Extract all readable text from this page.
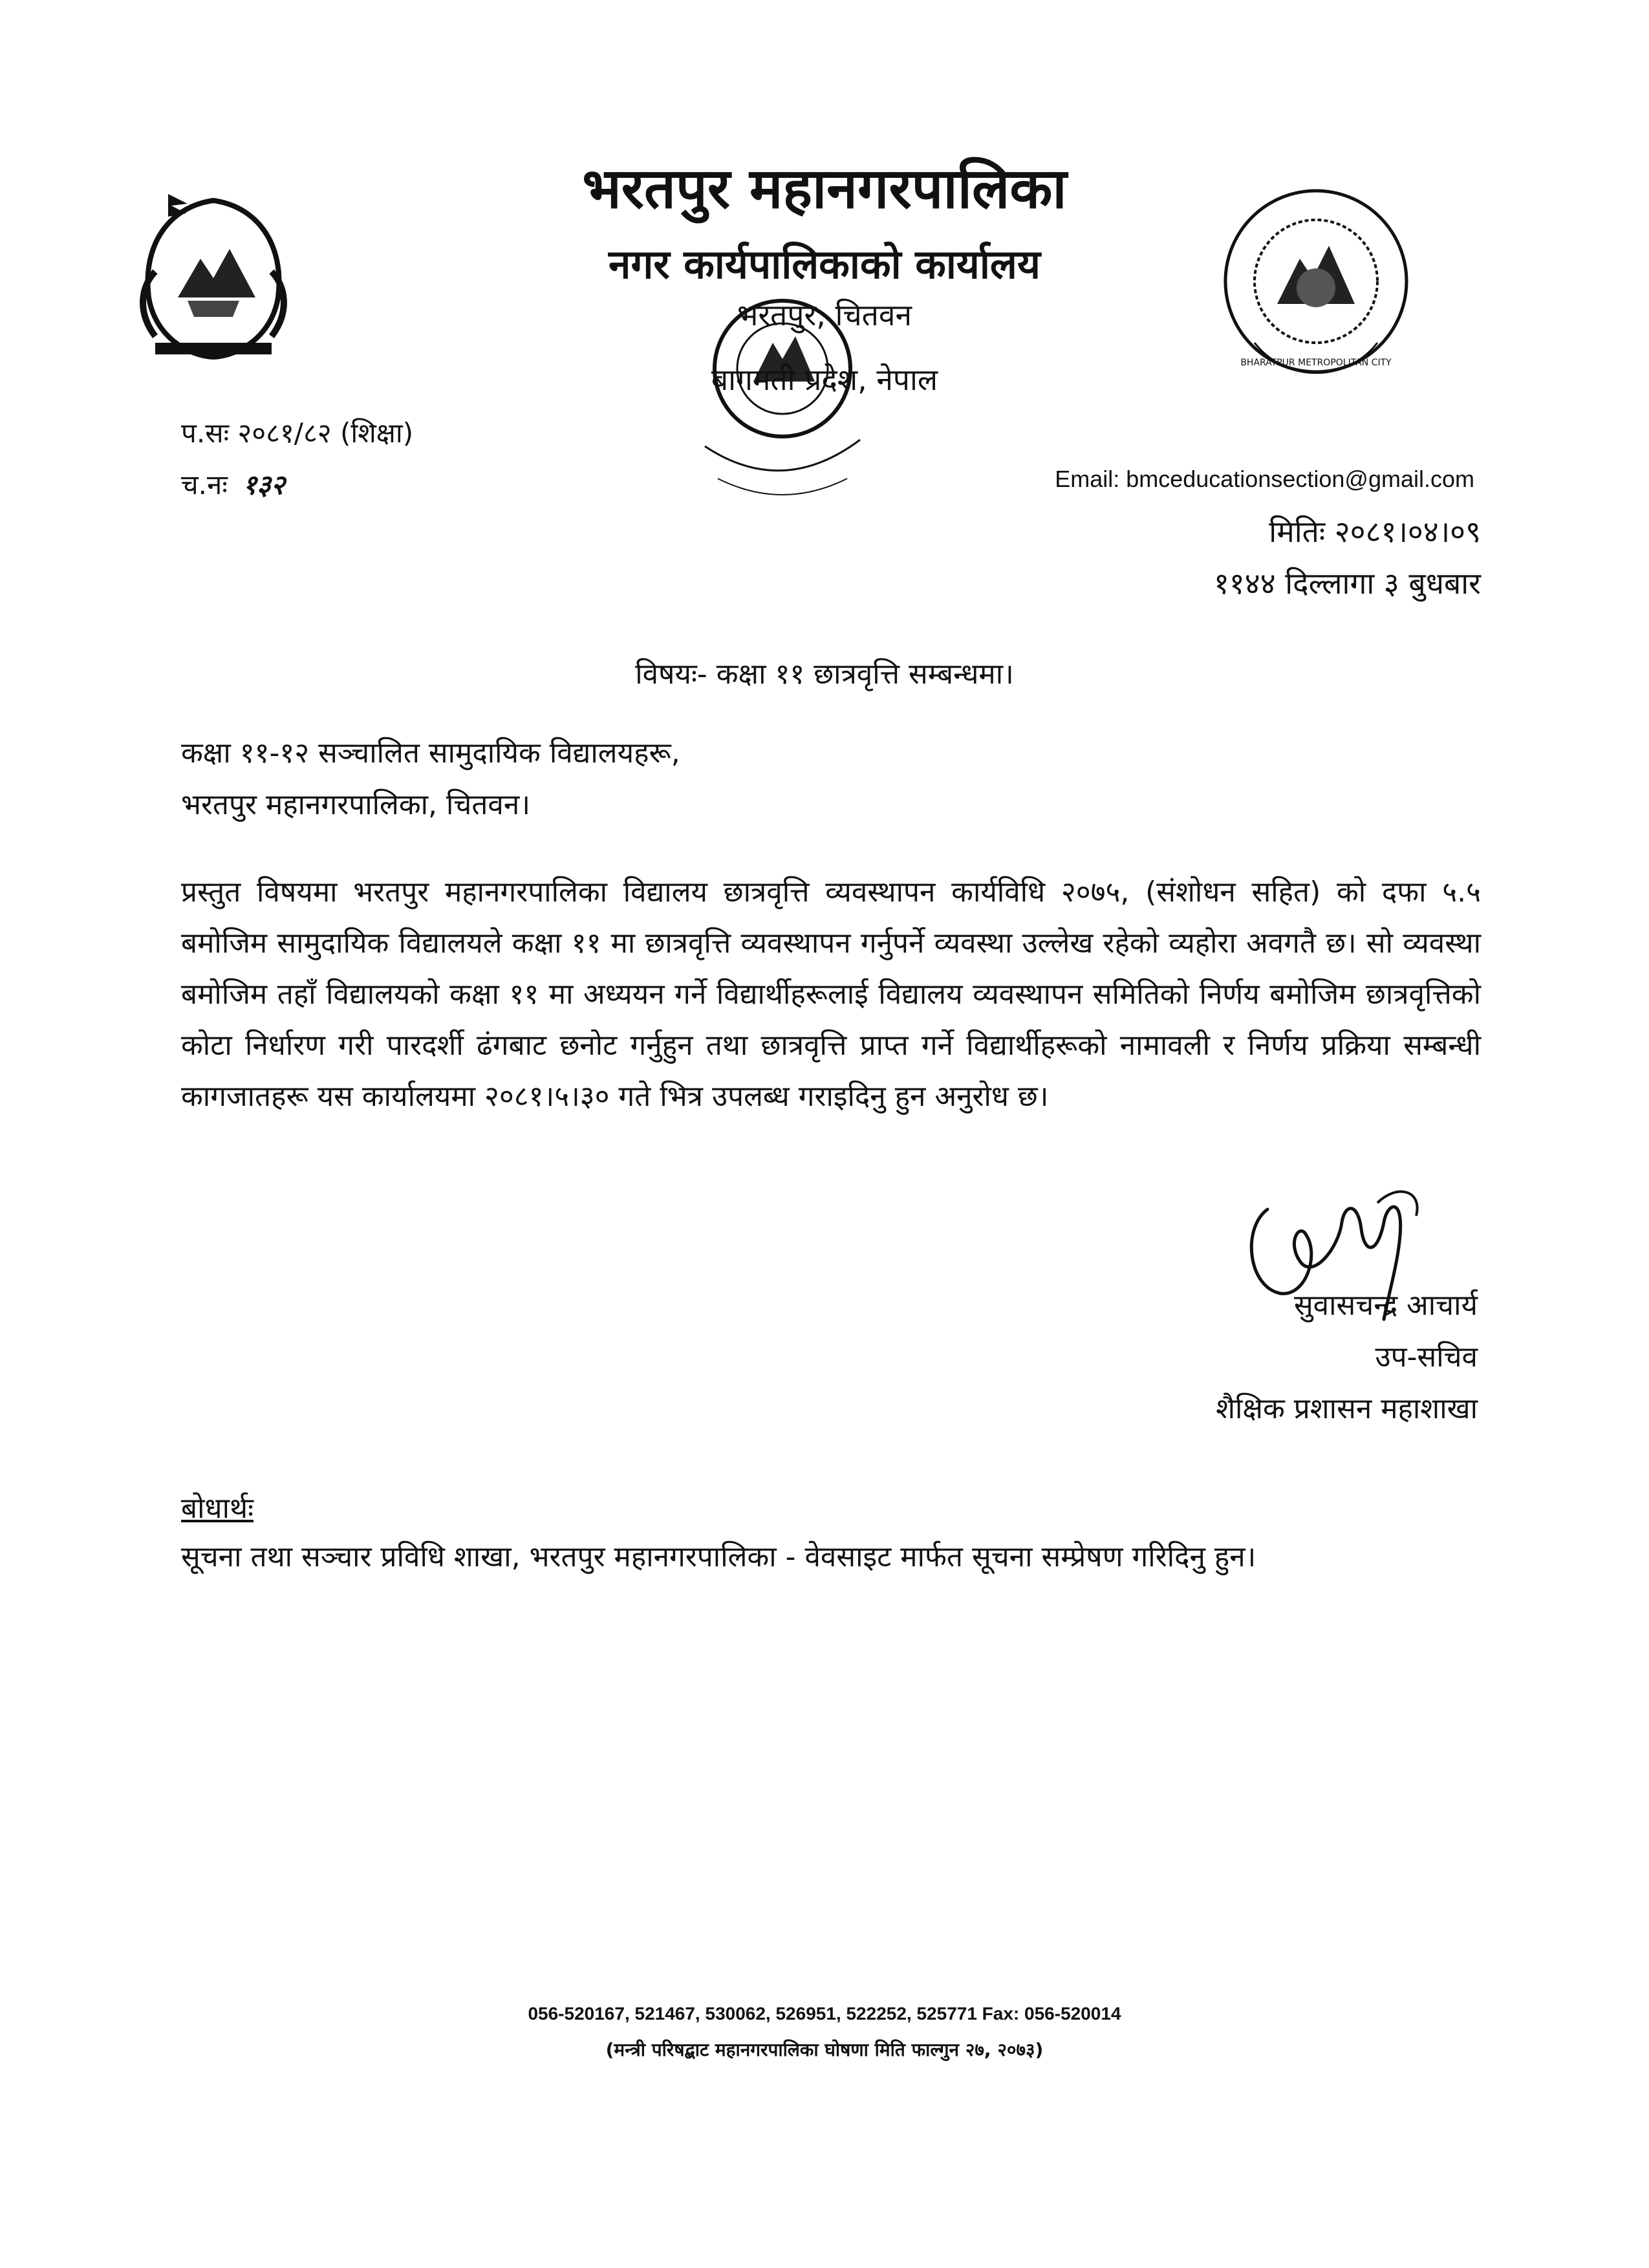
BHARATPUR METROPOLITAN CITY
भरतपुर महानगरपालिका
नगर कार्यपालिकाको कार्यालय
भरतपुर, चितवन
बागमती प्रदेश, नेपाल
प.सः २०८१/८२ (शिक्षा)
च.नः १३२	Email: bmceducationsection@gmail.com
मितिः २०८१।०४।०९
११४४ दिल्लागा ३ बुधबार
विषयः- कक्षा ११ छात्रवृत्ति सम्बन्धमा।
कक्षा ११-१२ सञ्चालित सामुदायिक विद्यालयहरू,
भरतपुर महानगरपालिका, चितवन।
प्रस्तुत विषयमा भरतपुर महानगरपालिका विद्यालय छात्रवृत्ति व्यवस्थापन कार्यविधि २०७५, (संशोधन सहित) को दफा ५.५ बमोजिम सामुदायिक विद्यालयले कक्षा ११ मा छात्रवृत्ति व्यवस्थापन गर्नुपर्ने व्यवस्था उल्लेख रहेको व्यहोरा अवगतै छ। सो व्यवस्था बमोजिम तहाँ विद्यालयको कक्षा ११ मा अध्ययन गर्ने विद्यार्थीहरूलाई विद्यालय व्यवस्थापन समितिको निर्णय बमोजिम छात्रवृत्तिको कोटा निर्धारण गरी पारदर्शी ढंगबाट छनोट गर्नुहुन तथा छात्रवृत्ति प्राप्त गर्ने विद्यार्थीहरूको नामावली र निर्णय प्रक्रिया सम्बन्धी कागजातहरू यस कार्यालयमा २०८१।५।३० गते भित्र उपलब्ध गराइदिनु हुन अनुरोध छ।
सुवासचन्द्र आचार्य
उप-सचिव
शैक्षिक प्रशासन महाशाखा
बोधार्थः
सूचना तथा सञ्चार प्रविधि शाखा, भरतपुर महानगरपालिका - वेवसाइट मार्फत सूचना सम्प्रेषण गरिदिनु हुन।
056-520167, 521467, 530062, 526951, 522252, 525771 Fax: 056-520014
(मन्त्री परिषद्बाट महानगरपालिका घोषणा मिति फाल्गुन २७, २०७३)
